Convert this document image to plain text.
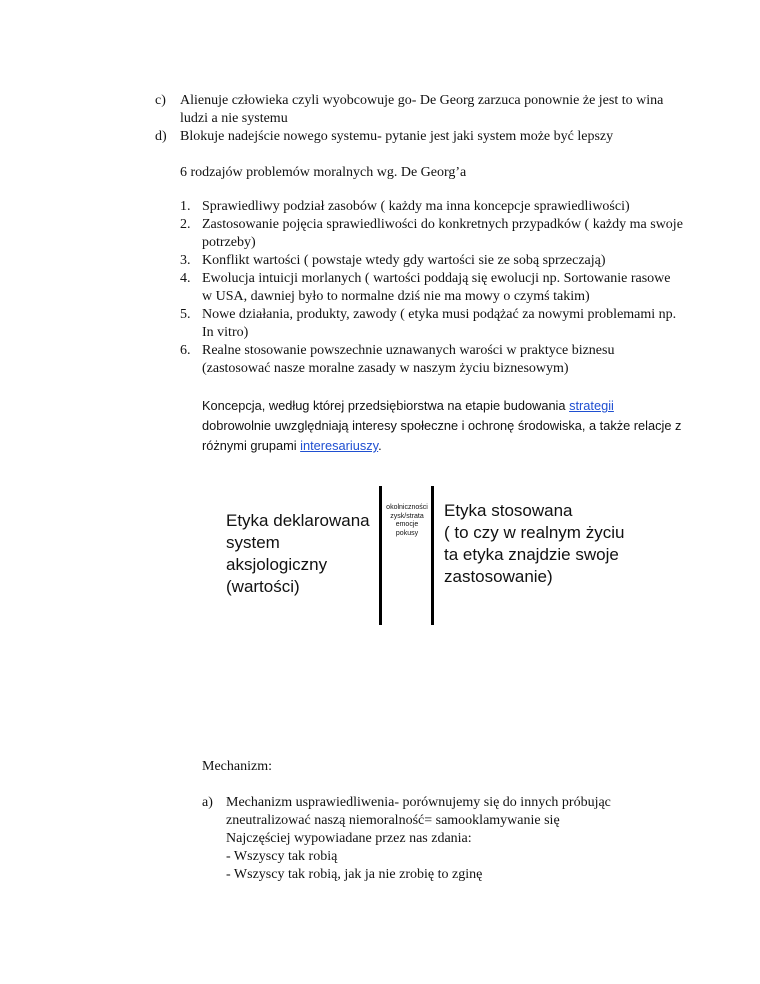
c) Alienuje człowieka czyli wyobcowuje go- De Georg zarzuca ponownie że jest to wina
ludzi a nie systemu
d) Blokuje nadejście nowego systemu- pytanie jest jaki system może być lepszy
6 rodzajów problemów moralnych wg. De Georg’a
1. Sprawiedliwy podział zasobów ( każdy ma inna koncepcje sprawiedliwości)
2. Zastosowanie pojęcia sprawiedliwości do konkretnych przypadków ( każdy ma swoje
potrzeby)
3. Konflikt wartości ( powstaje wtedy gdy wartości sie ze sobą sprzeczają)
4. Ewolucja intuicji morlanych ( wartości poddają się ewolucji np. Sortowanie rasowe
w USA, dawniej było to normalne dziś nie ma mowy o czymś takim)
5. Nowe działania, produkty, zawody ( etyka musi podążać za nowymi problemami np.
In vitro)
6. Realne stosowanie powszechnie uznawanych warości w praktyce biznesu
(zastosować nasze moralne zasady w naszym życiu biznesowym)
Koncepcja, według której przedsiębiorstwa na etapie budowania strategii
dobrowolnie uwzględniają interesy społeczne i ochronę środowiska, a także relacje z
różnymi grupami interesariuszy.
Etyka deklarowana
system
aksjologiczny
(wartości)
okolniczności
zysk/strata
emocje
pokusy
Etyka stosowana
( to czy w realnym życiu
ta etyka znajdzie swoje
zastosowanie)
Mechanizm:
a) Mechanizm usprawiedliwenia- porównujemy się do innych próbując
zneutralizować naszą niemoralność= samooklamywanie się
Najczęściej wypowiadane przez nas zdania:
- Wszyscy tak robią
- Wszyscy tak robią, jak ja nie zrobię to zginę
